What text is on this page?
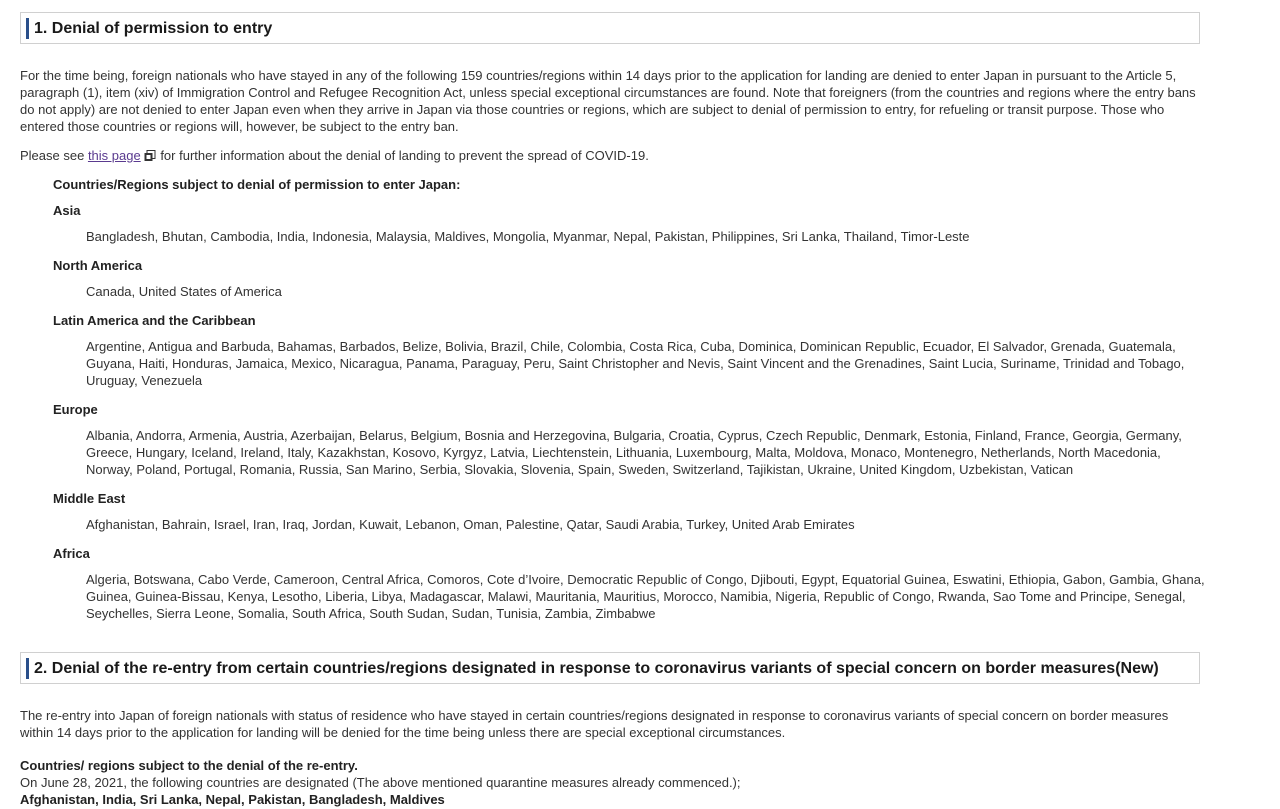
1. Denial of permission to entry

For the time being, foreign nationals who have stayed in any of the following 159 countries/regions within 14 days prior to the application for landing are denied to enter Japan in pursuant to the Article 5, paragraph (1), item (xiv) of Immigration Control and Refugee Recognition Act, unless special exceptional circumstances are found. Note that foreigners (from the countries and regions where the entry bans do not apply) are not denied to enter Japan even when they arrive in Japan via those countries or regions, which are subject to denial of permission to entry, for refueling or transit purpose. Those who entered those countries or regions will, however, be subject to the entry ban.

Please see this page for further information about the denial of landing to prevent the spread of COVID-19.

Countries/Regions subject to denial of permission to enter Japan:

Asia

Bangladesh, Bhutan, Cambodia, India, Indonesia, Malaysia, Maldives, Mongolia, Myanmar, Nepal, Pakistan, Philippines, Sri Lanka, Thailand, Timor-Leste

North America

Canada, United States of America

Latin America and the Caribbean

Argentine, Antigua and Barbuda, Bahamas, Barbados, Belize, Bolivia, Brazil, Chile, Colombia, Costa Rica, Cuba, Dominica, Dominican Republic, Ecuador, El Salvador, Grenada, Guatemala, Guyana, Haiti, Honduras, Jamaica, Mexico, Nicaragua, Panama, Paraguay, Peru, Saint Christopher and Nevis, Saint Vincent and the Grenadines, Saint Lucia, Suriname, Trinidad and Tobago, Uruguay, Venezuela

Europe

Albania, Andorra, Armenia, Austria, Azerbaijan, Belarus, Belgium, Bosnia and Herzegovina, Bulgaria, Croatia, Cyprus, Czech Republic, Denmark, Estonia, Finland, France, Georgia, Germany, Greece, Hungary, Iceland, Ireland, Italy, Kazakhstan, Kosovo, Kyrgyz, Latvia, Liechtenstein, Lithuania, Luxembourg, Malta, Moldova, Monaco, Montenegro, Netherlands, North Macedonia, Norway, Poland, Portugal, Romania, Russia, San Marino, Serbia, Slovakia, Slovenia, Spain, Sweden, Switzerland, Tajikistan, Ukraine, United Kingdom, Uzbekistan, Vatican

Middle East

Afghanistan, Bahrain, Israel, Iran, Iraq, Jordan, Kuwait, Lebanon, Oman, Palestine, Qatar, Saudi Arabia, Turkey, United Arab Emirates

Africa

Algeria, Botswana, Cabo Verde, Cameroon, Central Africa, Comoros, Cote d’Ivoire, Democratic Republic of Congo, Djibouti, Egypt, Equatorial Guinea, Eswatini, Ethiopia, Gabon, Gambia, Ghana, Guinea, Guinea-Bissau, Kenya, Lesotho, Liberia, Libya, Madagascar, Malawi, Mauritania, Mauritius, Morocco, Namibia, Nigeria, Republic of Congo, Rwanda, Sao Tome and Principe, Senegal, Seychelles, Sierra Leone, Somalia, South Africa, South Sudan, Sudan, Tunisia, Zambia, Zimbabwe

2. Denial of the re-entry from certain countries/regions designated in response to coronavirus variants of special concern on border measures(New)

The re-entry into Japan of foreign nationals with status of residence who have stayed in certain countries/regions designated in response to coronavirus variants of special concern on border measures within 14 days prior to the application for landing will be denied for the time being unless there are special exceptional circumstances.

Countries/ regions subject to the denial of the re-entry.

On June 28, 2021, the following countries are designated (The above mentioned quarantine measures already commenced.);

Afghanistan, India, Sri Lanka, Nepal, Pakistan, Bangladesh, Maldives
